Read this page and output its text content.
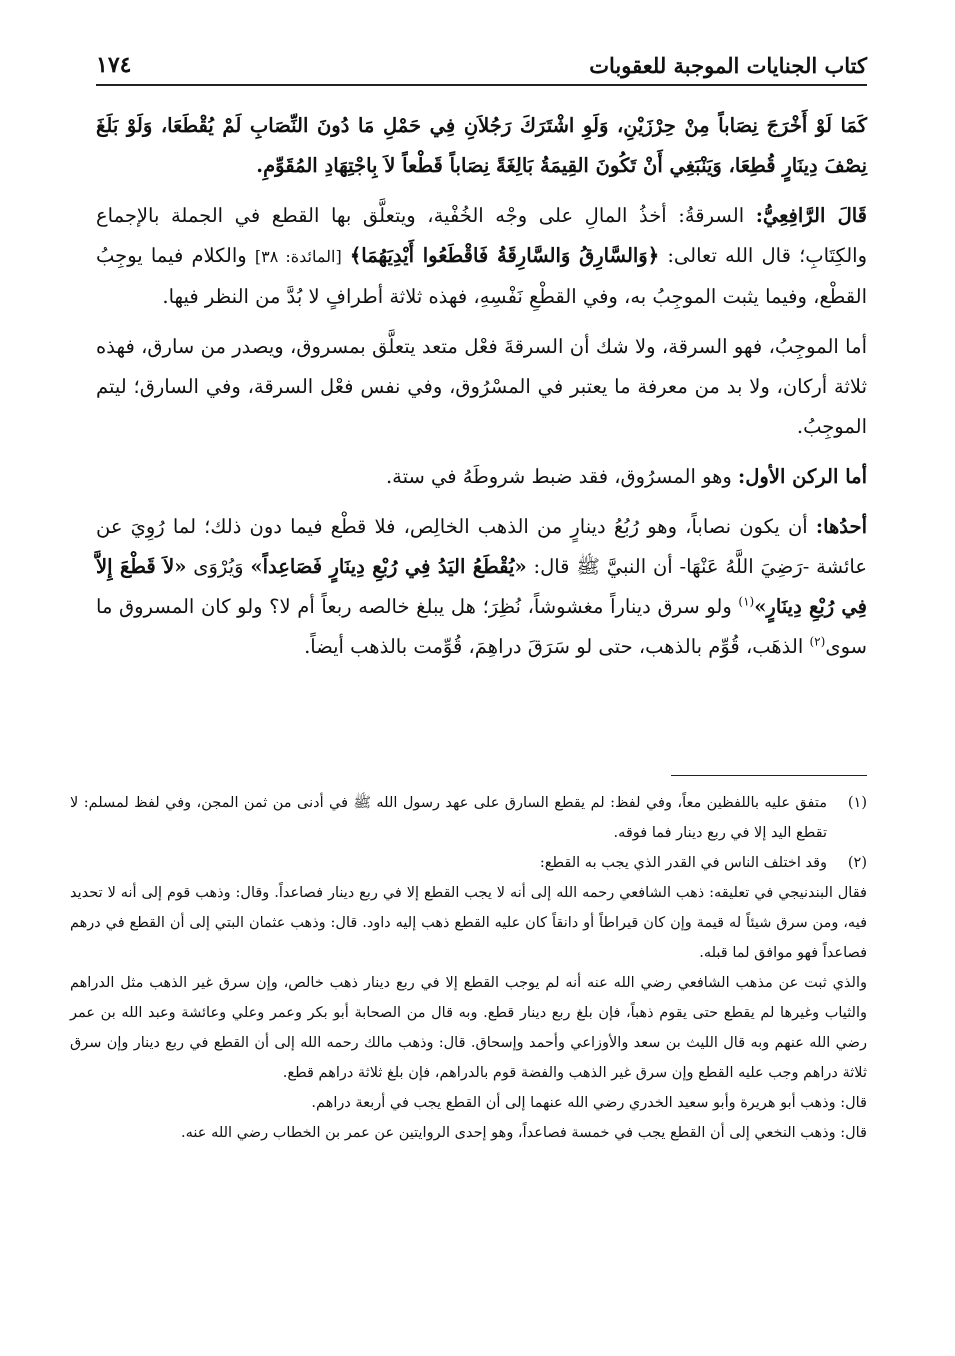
كتاب الجنايات الموجبة للعقوبات
١٧٤

كَمَا لَوْ أَخْرَجَ نِصَاباً مِنْ حِرْزَيْنِ، وَلَوِ اشْتَرَكَ رَجُلاَنِ فِي حَمْلِ مَا دُونَ النِّصَابِ لَمْ يُقْطَعَا، وَلَوْ بَلَغَ نِصْفَ دِينَارٍ قُطِعَا، وَيَنْبَغِي أَنْ تَكُونَ القِيمَةُ بَالِغَةً نِصَاباً قَطْعاً لاَ بِاجْتِهَادِ المُقَوِّمِ.

قَالَ الرَّافِعِيُّ: السرقةُ: أخذُ المالِ على وجْه الخُفْية، ويتعلَّق بها القطع في الجملة بالإجماع والكِتَابِ؛ قال الله تعالى: ﴿وَالسَّارِقُ وَالسَّارِقَةُ فَاقْطَعُوا أَيْدِيَهُمَا﴾ [المائدة: ٣٨] والكلام فيما يوجِبُ القطْع، وفيما يثبت الموجِبُ به، وفي القطْعِ نَفْسِهِ، فهذه ثلاثة أطرافٍ لا بُدَّ من النظر فيها.

أما الموجِبُ، فهو السرقة، ولا شك أن السرقةَ فعْل متعد يتعلَّق بمسروق، ويصدر من سارق، فهذه ثلاثة أركان، ولا بد من معرفة ما يعتبر في المسْرُوق، وفي نفس فعْل السرقة، وفي السارق؛ ليتم الموجِبُ.

أما الركن الأول: وهو المسرُوق، فقد ضبط شروطَهُ في ستة.

أحدُها: أن يكون نصاباً، وهو رُبُعُ دينارٍ من الذهب الخالِص، فلا قطْع فيما دون ذلك؛ لما رُوِيَ عن عائشة -رَضِيَ اللَّهُ عَنْهَا- أن النبيَّ ﷺ قال: «يُقْطَعُ اليَدُ فِي رُبْعِ دِينَارٍ فَصَاعِداً» وَيُرْوَى «لاَ قَطْعَ إِلاَّ فِي رُبْعِ دِينَارٍ»$^{(١)}$ ولو سرق ديناراً مغشوشاً، نُظِرَ؛ هل يبلغ خالصه ربعاً أم لا؟ ولو كان المسروق ما سوى$^{(٢)}$ الذهَب، قُوِّم بالذهب، حتى لو سَرَقَ دراهِمَ، قُوِّمت بالذهب أيضاً.

(١)
متفق عليه باللفظين معاً، وفي لفظ: لم يقطع السارق على عهد رسول الله ﷺ في أدنى من ثمن المجن، وفي لفظ لمسلم: لا تقطع اليد إلا في ربع دينار فما فوقه.
(٢)
وقد اختلف الناس في القدر الذي يجب به القطع:

فقال البندنيجي في تعليقه: ذهب الشافعي رحمه الله إلى أنه لا يجب القطع إلا في ربع دينار فصاعداً. وقال: وذهب قوم إلى أنه لا تحديد فيه، ومن سرق شيئاً له قيمة وإن كان قيراطاً أو دانقاً كان عليه القطع ذهب إليه داود. قال: وذهب عثمان البتي إلى أن القطع في درهم فصاعداً فهو موافق لما قبله.

والذي ثبت عن مذهب الشافعي رضي الله عنه أنه لم يوجب القطع إلا في ربع دينار ذهب خالص، وإن سرق غير الذهب مثل الدراهم والثياب وغيرها لم يقطع حتى يقوم ذهباً، فإن بلغ ربع دينار قطع. وبه قال من الصحابة أبو بكر وعمر وعلي وعائشة وعبد الله بن عمر رضي الله عنهم وبه قال الليث بن سعد والأوزاعي وأحمد وإسحاق. قال: وذهب مالك رحمه الله إلى أن القطع في ربع دينار وإن سرق ثلاثة دراهم وجب عليه القطع وإن سرق غير الذهب والفضة قوم بالدراهم، فإن بلغ ثلاثة دراهم قطع.

قال: وذهب أبو هريرة وأبو سعيد الخدري رضي الله عنهما إلى أن القطع يجب في أربعة دراهم.

قال: وذهب النخعي إلى أن القطع يجب في خمسة فصاعداً، وهو إحدى الروايتين عن عمر بن الخطاب رضي الله عنه.
